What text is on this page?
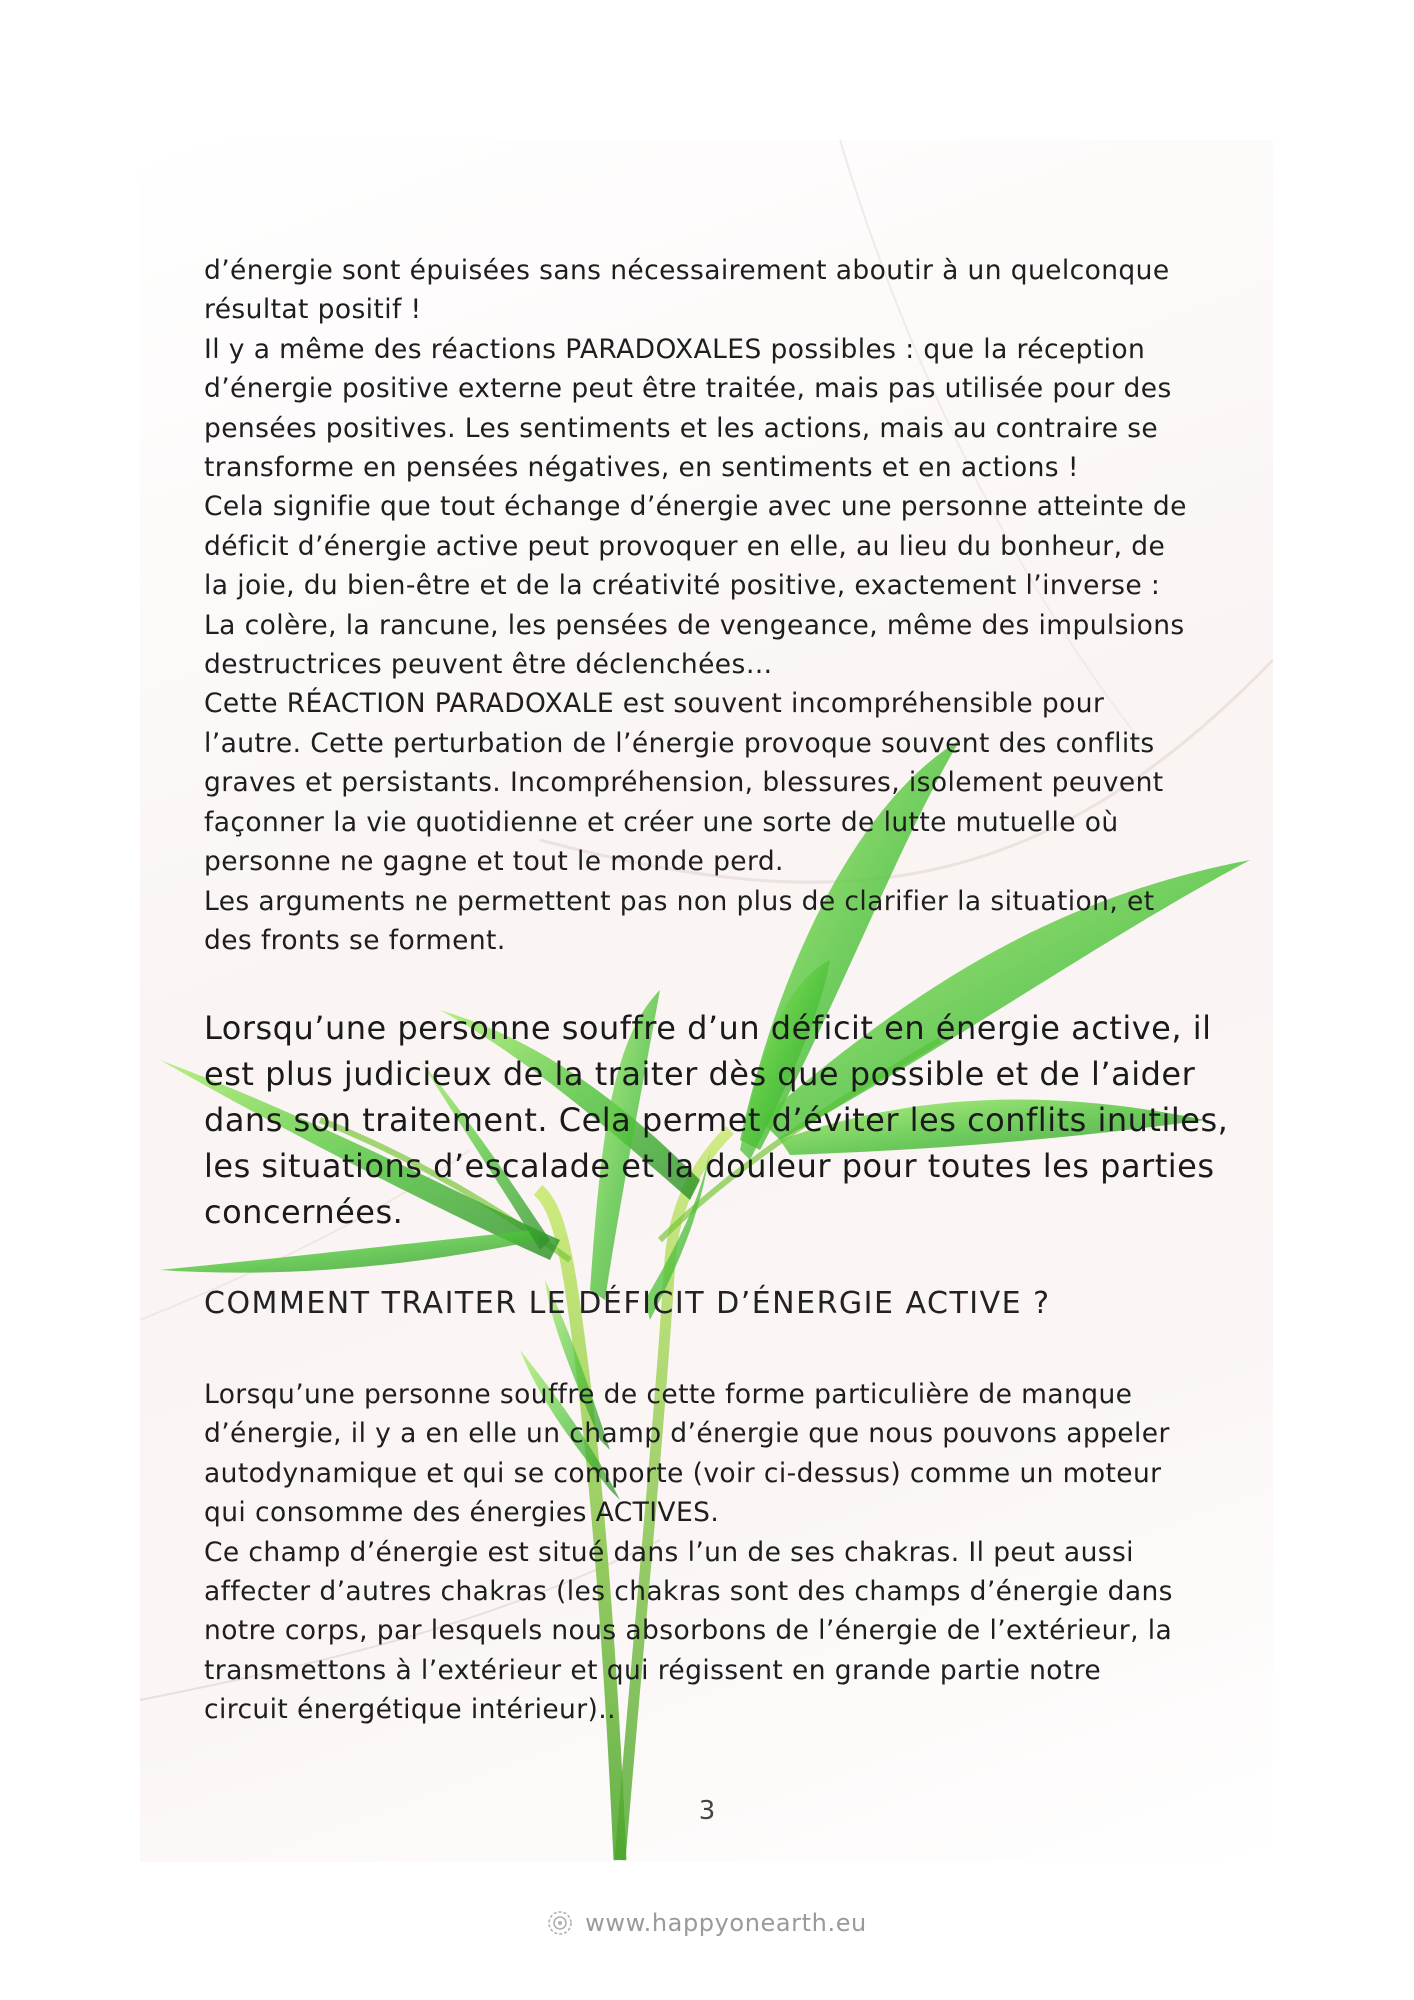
d’énergie sont épuisées sans nécessairement aboutir à un quelconque
résultat positif !
Il y a même des réactions PARADOXALES possibles : que la réception
d’énergie positive externe peut être traitée, mais pas utilisée pour des
pensées positives. Les sentiments et les actions, mais au contraire se
transforme en pensées négatives, en sentiments et en actions !
Cela signifie que tout échange d’énergie avec une personne atteinte de
déficit d’énergie active peut provoquer en elle, au lieu du bonheur, de
la joie, du bien-être et de la créativité positive, exactement l’inverse :
La colère, la rancune, les pensées de vengeance, même des impulsions
destructrices peuvent être déclenchées…
Cette RÉACTION PARADOXALE est souvent incompréhensible pour
l’autre. Cette perturbation de l’énergie provoque souvent des conflits
graves et persistants. Incompréhension, blessures, isolement peuvent
façonner la vie quotidienne et créer une sorte de lutte mutuelle où
personne ne gagne et tout le monde perd.
Les arguments ne permettent pas non plus de clarifier la situation, et
des fronts se forment.

Lorsqu’une personne souffre d’un déficit en énergie active, il
est plus judicieux de la traiter dès que possible et de l’aider
dans son traitement. Cela permet d’éviter les conflits inutiles,
les situations d’escalade et la douleur pour toutes les parties
concernées.

COMMENT TRAITER LE DÉFICIT D’ÉNERGIE ACTIVE ?

Lorsqu’une personne souffre de cette forme particulière de manque
d’énergie, il y a en elle un champ d’énergie que nous pouvons appeler
autodynamique et qui se comporte (voir ci-dessus) comme un moteur
qui consomme des énergies ACTIVES.
Ce champ d’énergie est situé dans l’un de ses chakras. Il peut aussi
affecter d’autres chakras (les chakras sont des champs d’énergie dans
notre corps, par lesquels nous absorbons de l’énergie de l’extérieur, la
transmettons à l’extérieur et qui régissent en grande partie notre
circuit énergétique intérieur)..

3
www.happyonearth.eu
